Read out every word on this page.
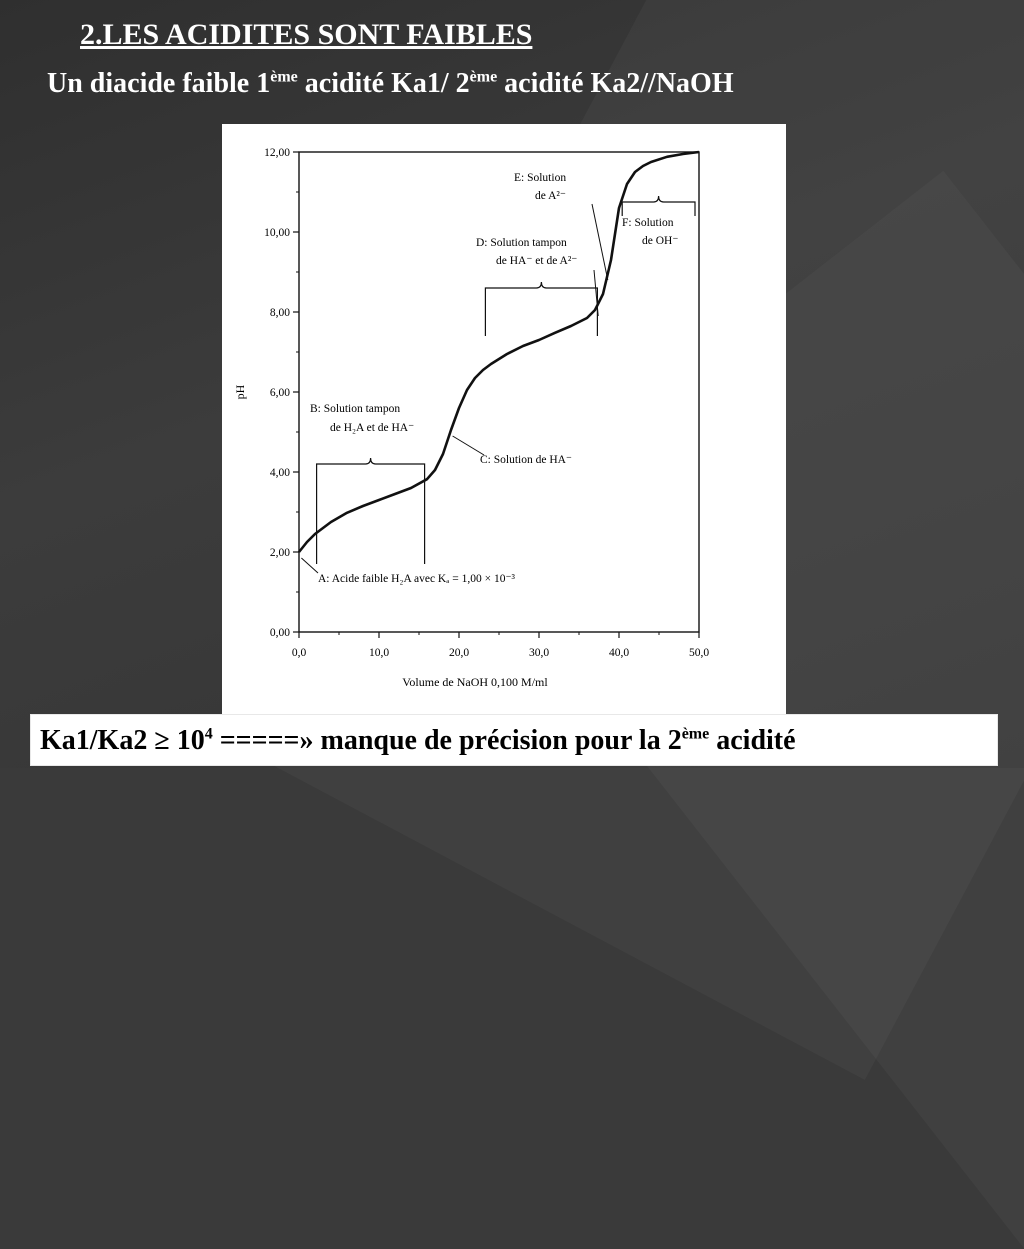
2.LES ACIDITES SONT FAIBLES
Un diacide faible 1ème acidité Ka1/ 2ème acidité Ka2//NaOH
0,00
2,00
4,00
6,00
8,00
10,00
12,00
0,0	10,0	20,0	30,0	40,0	50,0
A: Acide faible H₂A avec Kₐ = 1,00 × 10⁻³
B: Solution tampon
de H₂A et de HA⁻
C: Solution de HA⁻
D: Solution tampon
de HA⁻ et de A²⁻
E: Solution
de A²⁻
F: Solution
de OH⁻
Volume de NaOH 0,100 M/ml
pH
$Ka1/Ka2 \ge 10^4$ =====» manque de précision pour la 2ème acidité
